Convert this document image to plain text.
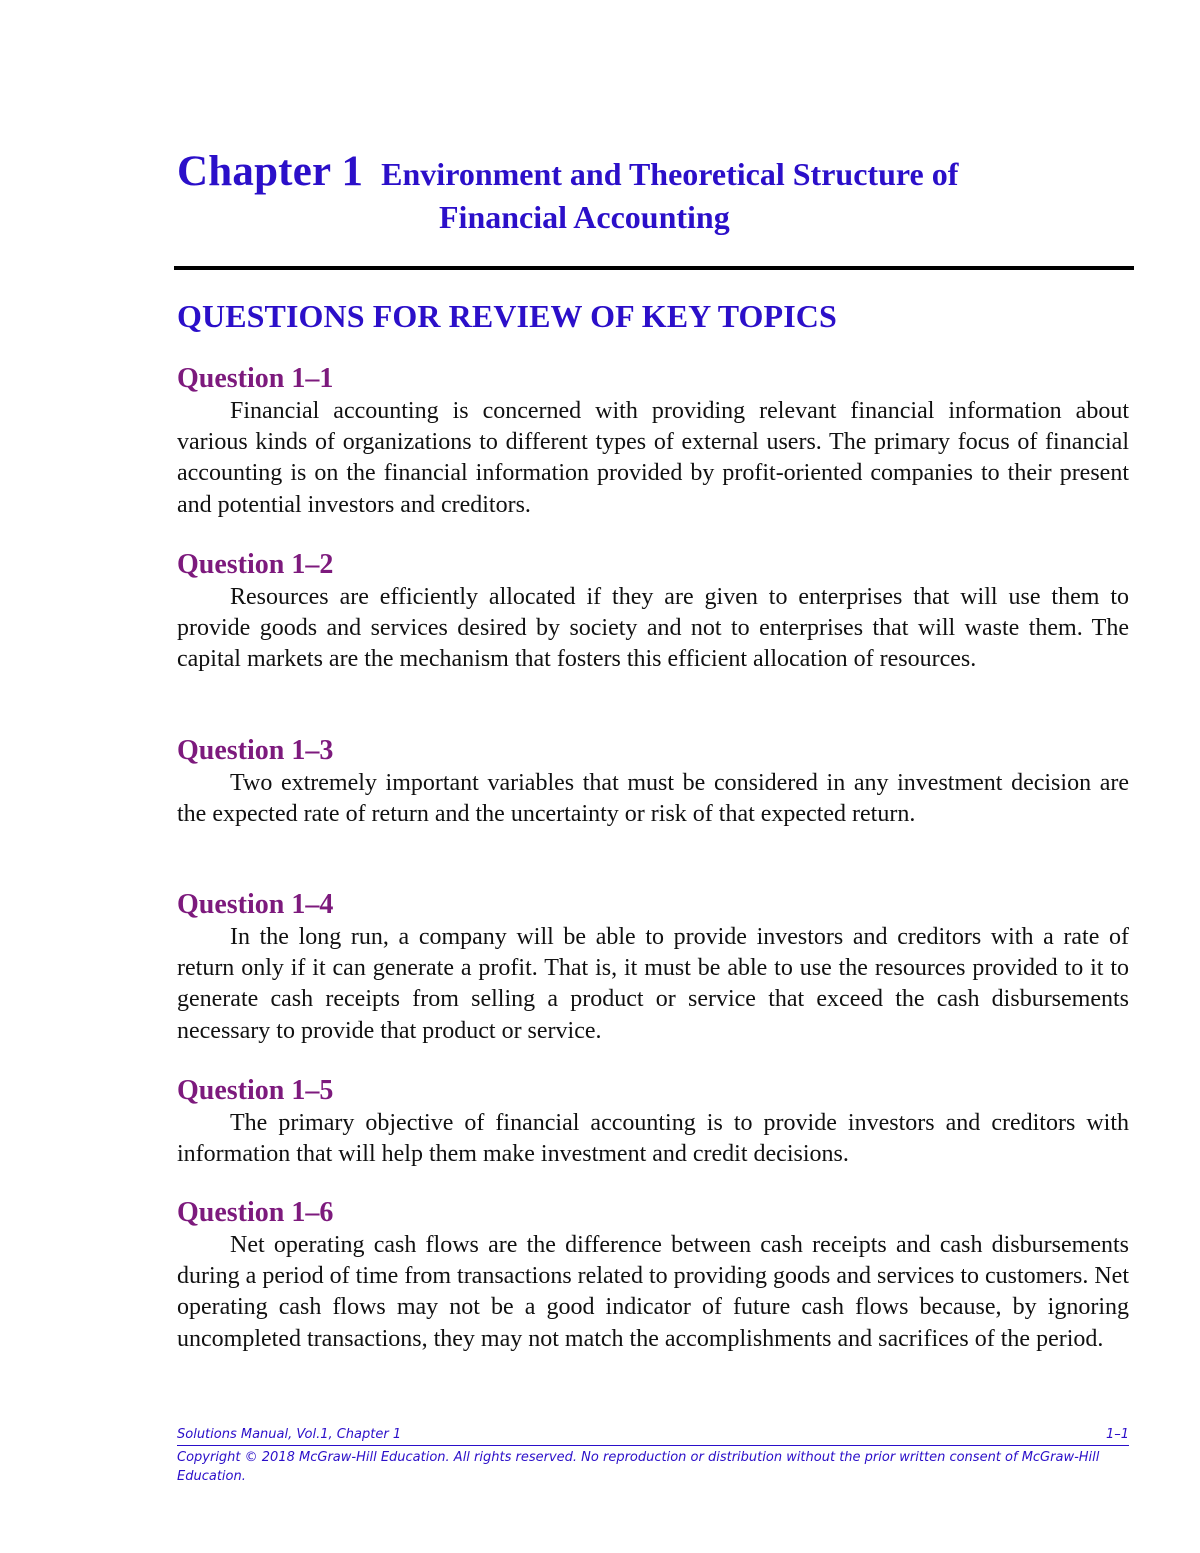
Chapter 1 Environment and Theoretical Structure of
Financial Accounting
QUESTIONS FOR REVIEW OF KEY TOPICS
Question 1–1

Financial accounting is concerned with providing relevant financial information about various kinds of organizations to different types of external users. The primary focus of financial accounting is on the financial information provided by profit-oriented companies to their present and potential investors and creditors.

Question 1–2

Resources are efficiently allocated if they are given to enterprises that will use them to provide goods and services desired by society and not to enterprises that will waste them. The capital markets are the mechanism that fosters this efficient allocation of resources.

Question 1–3

Two extremely important variables that must be considered in any investment decision are the expected rate of return and the uncertainty or risk of that expected return.

Question 1–4

In the long run, a company will be able to provide investors and creditors with a rate of return only if it can generate a profit. That is, it must be able to use the resources provided to it to generate cash receipts from selling a product or service that exceed the cash disbursements necessary to provide that product or service.

Question 1–5

The primary objective of financial accounting is to provide investors and creditors with information that will help them make investment and credit decisions.

Question 1–6

Net operating cash flows are the difference between cash receipts and cash disbursements during a period of time from transactions related to providing goods and services to customers. Net operating cash flows may not be a good indicator of future cash flows because, by ignoring uncompleted transactions, they may not match the accomplishments and sacrifices of the period.

Solutions Manual, Vol.1, Chapter 1	1–1
Copyright © 2018 McGraw-Hill Education. All rights reserved. No reproduction or distribution without the prior written consent of McGraw-Hill Education.
